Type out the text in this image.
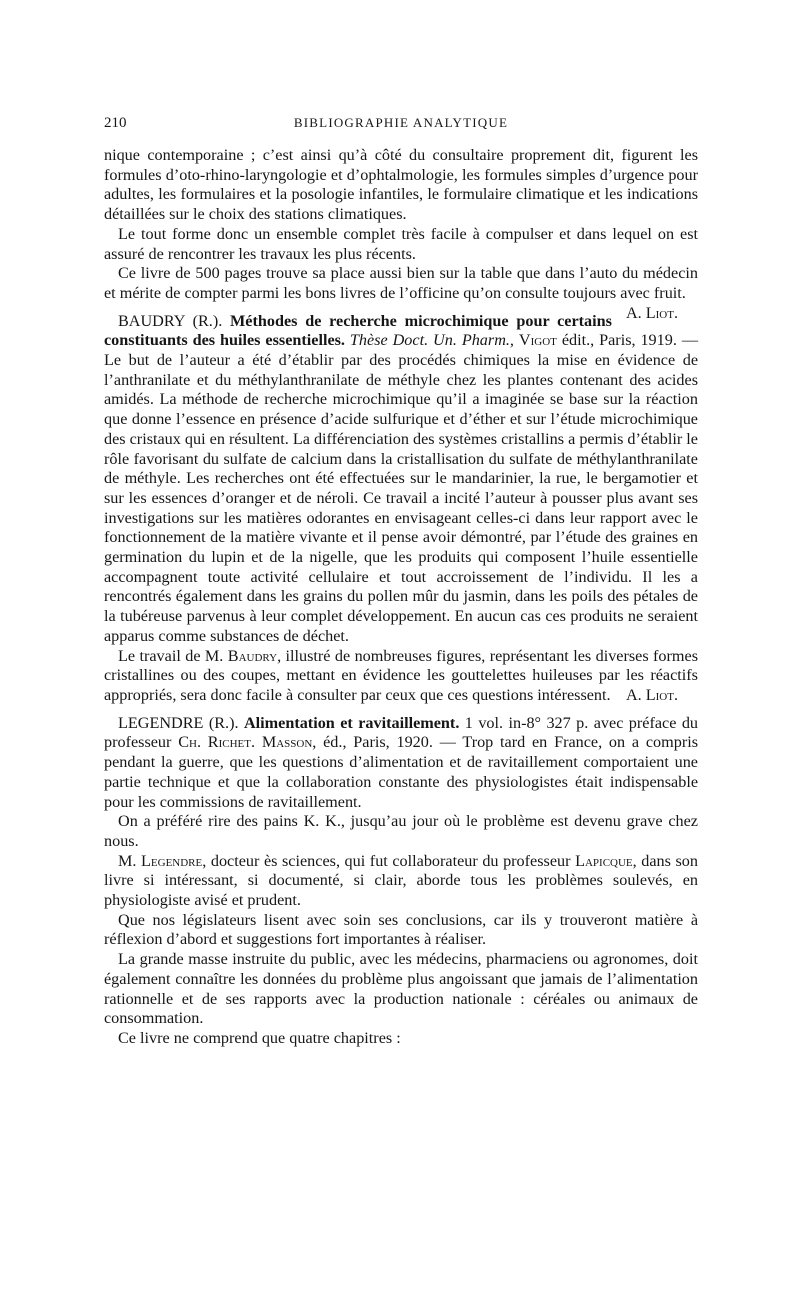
210	BIBLIOGRAPHIE ANALYTIQUE

nique contemporaine ; c’est ainsi qu’à côté du consultaire proprement dit, figurent les formules d’oto-rhino-laryngologie et d’ophtalmologie, les formules simples d’urgence pour adultes, les formulaires et la posologie infantiles, le formulaire climatique et les indications détaillées sur le choix des stations climatiques.

Le tout forme donc un ensemble complet très facile à compulser et dans lequel on est assuré de rencontrer les travaux les plus récents.

Ce livre de 500 pages trouve sa place aussi bien sur la table que dans l’auto du médecin et mérite de compter parmi les bons livres de l’officine qu’on consulte toujours avec fruit.
A. Liot.

BAUDRY (R.). Méthodes de recherche microchimique pour certains constituants des huiles essentielles. Thèse Doct. Un. Pharm., Vigot édit., Paris, 1919. — Le but de l’auteur a été d’établir par des procédés chimiques la mise en évidence de l’anthranilate et du méthylanthranilate de méthyle chez les plantes contenant des acides amidés. La méthode de recherche microchimique qu’il a imaginée se base sur la réaction que donne l’essence en présence d’acide sulfurique et d’éther et sur l’étude microchimique des cristaux qui en résultent. La différenciation des systèmes cristallins a permis d’établir le rôle favorisant du sulfate de calcium dans la cristallisation du sulfate de méthylanthranilate de méthyle. Les recherches ont été effectuées sur le mandarinier, la rue, le bergamotier et sur les essences d’oranger et de néroli. Ce travail a incité l’auteur à pousser plus avant ses investigations sur les matières odorantes en envisageant celles-ci dans leur rapport avec le fonctionnement de la matière vivante et il pense avoir démontré, par l’étude des graines en germination du lupin et de la nigelle, que les produits qui composent l’huile essentielle accompagnent toute activité cellulaire et tout accroissement de l’individu. Il les a rencontrés également dans les grains du pollen mûr du jasmin, dans les poils des pétales de la tubéreuse parvenus à leur complet développement. En aucun cas ces produits ne seraient apparus comme substances de déchet.

Le travail de M. Baudry, illustré de nombreuses figures, représentant les diverses formes cristallines ou des coupes, mettant en évidence les gouttelettes huileuses par les réactifs appropriés, sera donc facile à consulter par ceux que ces questions intéressent. A. Liot.

LEGENDRE (R.). Alimentation et ravitaillement. 1 vol. in-8° 327 p. avec préface du professeur Ch. Richet. Masson, éd., Paris, 1920. — Trop tard en France, on a compris pendant la guerre, que les questions d’alimentation et de ravitaillement comportaient une partie technique et que la collaboration constante des physiologistes était indispensable pour les commissions de ravitaillement.

On a préféré rire des pains K. K., jusqu’au jour où le problème est devenu grave chez nous.

M. Legendre, docteur ès sciences, qui fut collaborateur du professeur Lapicque, dans son livre si intéressant, si documenté, si clair, aborde tous les problèmes soulevés, en physiologiste avisé et prudent.

Que nos législateurs lisent avec soin ses conclusions, car ils y trouveront matière à réflexion d’abord et suggestions fort importantes à réaliser.

La grande masse instruite du public, avec les médecins, pharmaciens ou agronomes, doit également connaître les données du problème plus angoissant que jamais de l’alimentation rationnelle et de ses rapports avec la production nationale : céréales ou animaux de consommation.

Ce livre ne comprend que quatre chapitres :
